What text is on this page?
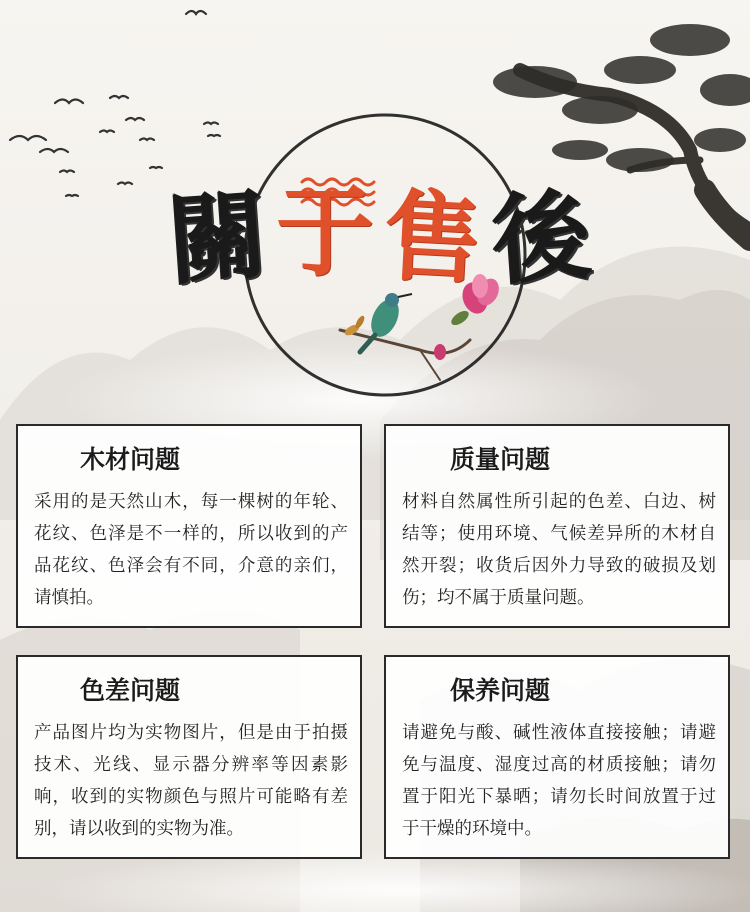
關 于 售 後
木材问题
采用的是天然山木，每一棵树的年轮、花纹、色泽是不一样的，所以收到的产品花纹、色泽会有不同，介意的亲们，请慎拍。
质量问题
材料自然属性所引起的色差、白边、树结等；使用环境、气候差异所的木材自然开裂；收货后因外力导致的破损及划伤；均不属于质量问题。
色差问题
产品图片均为实物图片，但是由于拍摄技术、光线、显示器分辨率等因素影响，收到的实物颜色与照片可能略有差别，请以收到的实物为准。
保养问题
请避免与酸、碱性液体直接接触；请避免与温度、湿度过高的材质接触；请勿置于阳光下暴晒；请勿长时间放置于过于干燥的环境中。
